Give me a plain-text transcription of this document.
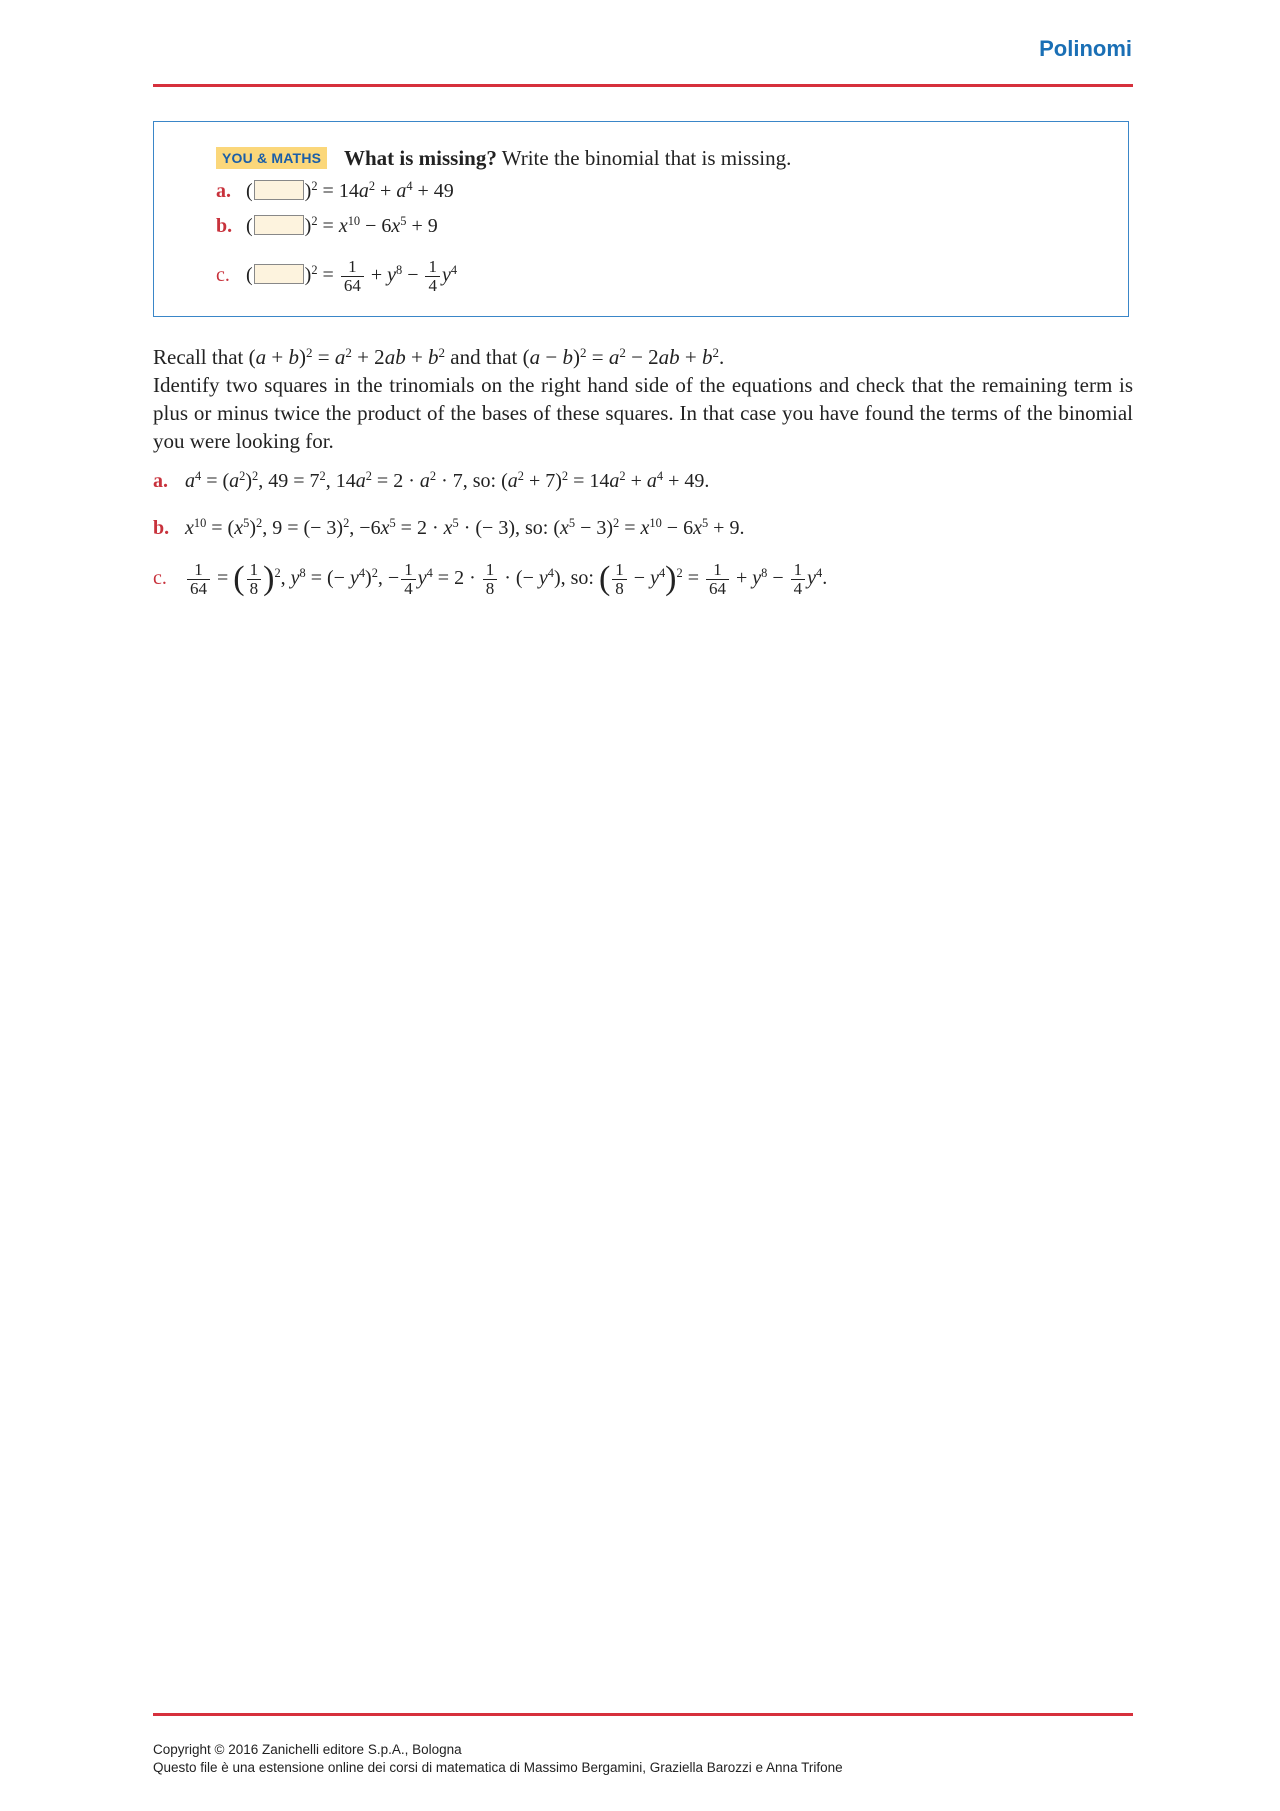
Polinomi
YOU & MATHS What is missing? Write the binomial that is missing.
a. (	)$^2 = 14a^2 + a^4 + 49$
b. (	)$^2 = x^{10} - 6x^5 + 9$
c. (	)$^2 = \frac{1}{64} + y^8 - \frac{1}{4} y^4$

Recall that $(a + b)^2 = a^2 + 2ab + b^2$ and that $(a - b)^2 = a^2 - 2ab + b^2$.

Identify two squares in the trinomials on the right hand side of the equations and check that the remaining term is plus or minus twice the product of the bases of these squares. In that case you have found the terms of the binomial you were looking for.

a. $a^4 = (a^2)^2$, $49 = 7^2$, $14a^2 = 2 \cdot a^2 \cdot 7$, so: $(a^2 + 7)^2 = 14a^2 + a^4 + 49$.
b. $x^{10} = (x^5)^2$, 9 = (− 3)$^2$, $-6x^5 = 2 \cdot x^5$ · (− 3), so: $(x^5 - 3)^2 = x^{10} - 6x^5 + 9$.
c. $\frac{1}{64}$ = ( $\frac{1}{8} )^2$, $y^8$ = (− $y^4)^2$, − $\frac{1}{4} y^4 = 2 \cdot \frac{1}{8}$ · (− $y^4$), so: ( $\frac{1}{8} - y^4)^2 = \frac{1}{64} + y^8 - \frac{1}{4} y^4$.
Copyright © 2016 Zanichelli editore S.p.A., Bologna
Questo file è una estensione online dei corsi di matematica di Massimo Bergamini, Graziella Barozzi e Anna Trifone
